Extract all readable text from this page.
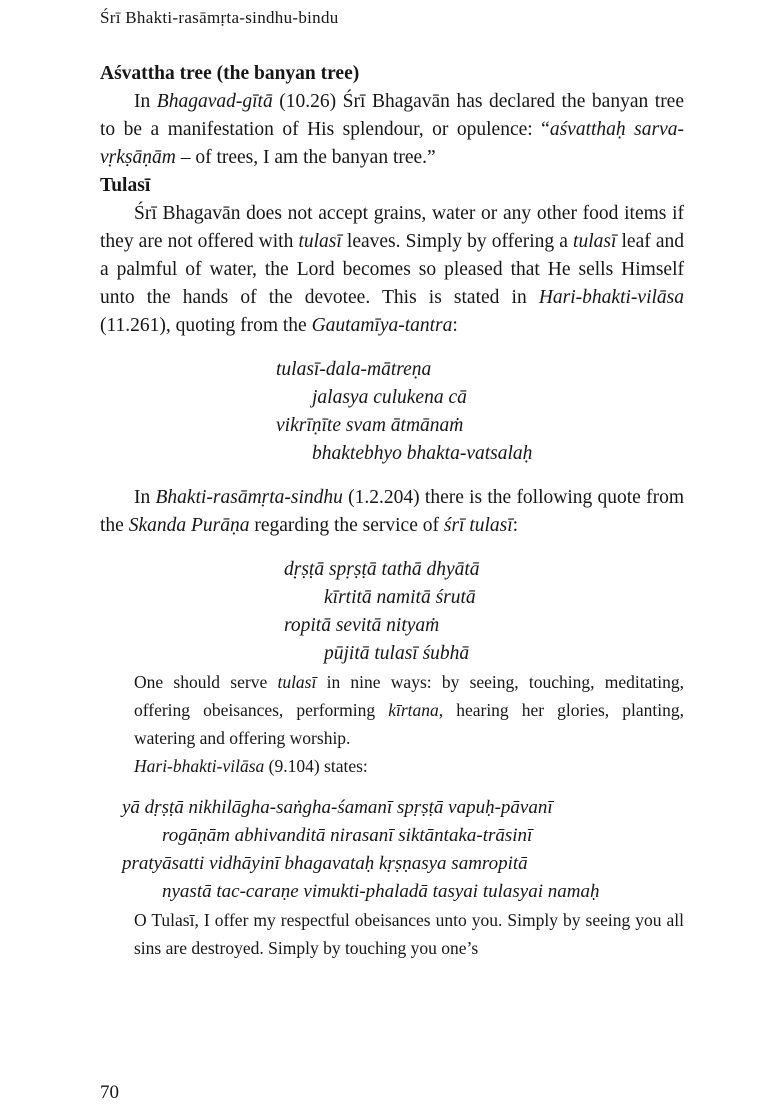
Śrī Bhakti-rasāmṛta-sindhu-bindu
Aśvattha tree (the banyan tree)

In Bhagavad-gītā (10.26) Śrī Bhagavān has declared the banyan tree to be a manifestation of His splendour, or opulence: “aśvatthaḥ sarva-vṛkṣāṇām – of trees, I am the banyan tree.”

Tulasī

Śrī Bhagavān does not accept grains, water or any other food items if they are not offered with tulasī leaves. Simply by offering a tulasī leaf and a palmful of water, the Lord becomes so pleased that He sells Himself unto the hands of the devotee. This is stated in Hari-bhakti-vilāsa (11.261), quoting from the Gautamīya-tantra:

tulasī-dala-mātreṇa
jalasya culukena cā
vikrīṇīte svam ātmānaṁ
bhaktebhyo bhakta-vatsalaḥ

In Bhakti-rasāmṛta-sindhu (1.2.204) there is the following quote from the Skanda Purāṇa regarding the service of śrī tulasī:

dṛṣṭā spṛṣṭā tathā dhyātā
kīrtitā namitā śrutā
ropitā sevitā nityaṁ
pūjitā tulasī śubhā

One should serve tulasī in nine ways: by seeing, touching, meditating, offering obeisances, performing kīrtana, hearing her glories, planting, watering and offering worship.

Hari-bhakti-vilāsa (9.104) states:

yā dṛṣṭā nikhilāgha-saṅgha-śamanī spṛṣṭā vapuḥ-pāvanī
rogāṇām abhivanditā nirasanī siktāntaka-trāsinī
pratyāsatti vidhāyinī bhagavataḥ kṛṣṇasya samropitā
nyastā tac-caraṇe vimukti-phaladā tasyai tulasyai namaḥ

O Tulasī, I offer my respectful obeisances unto you. Simply by seeing you all sins are destroyed. Simply by touching you one’s

70
